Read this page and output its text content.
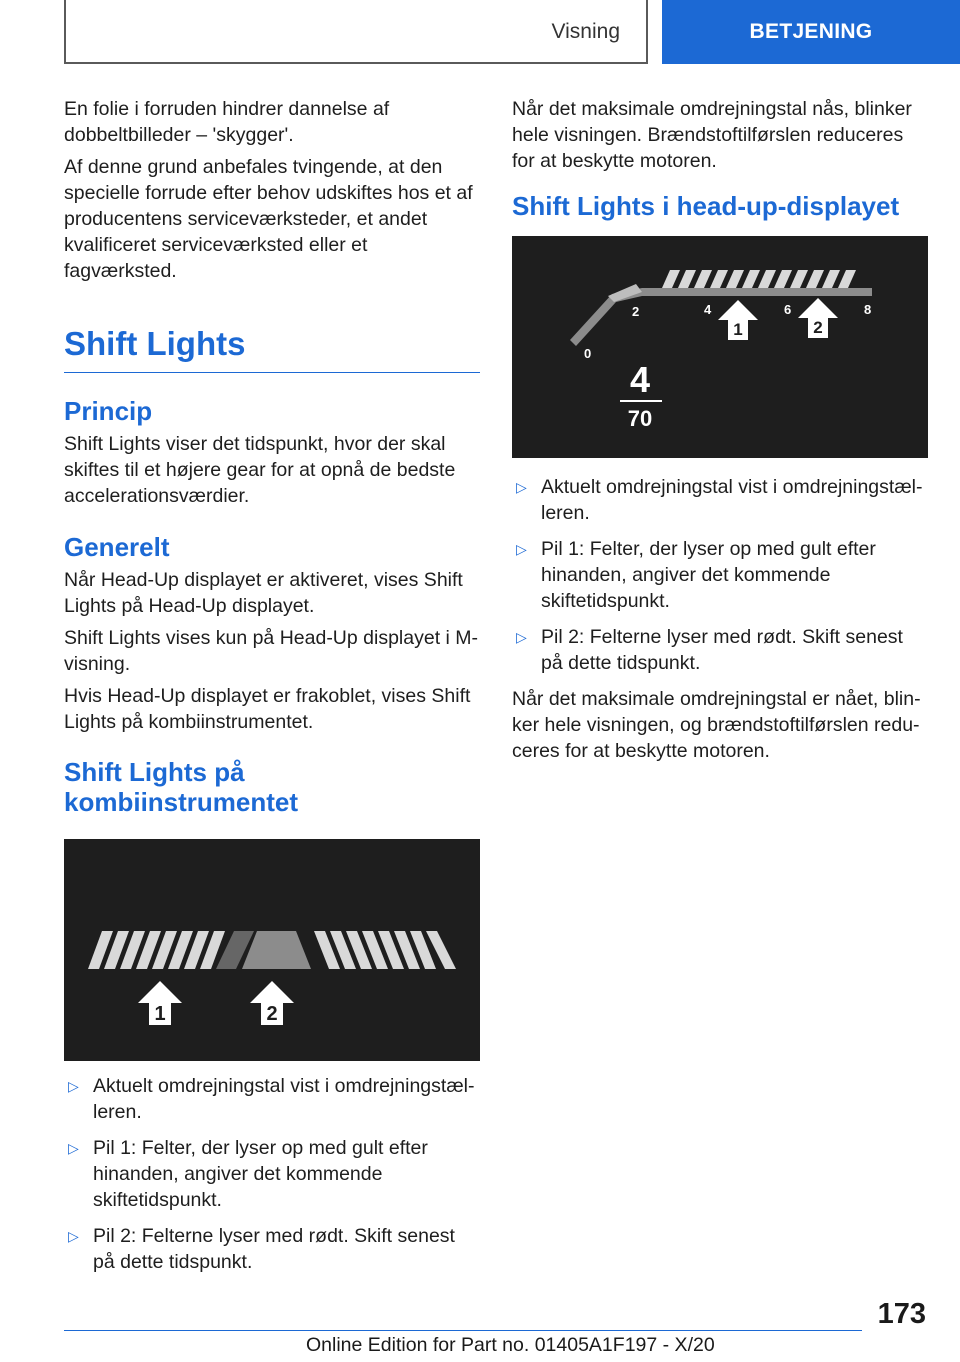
Visning	BETJENING

En folie i forruden hindrer dannelse af dobbeltbilleder – 'skygger'.

Af denne grund anbefales tvingende, at den specielle forrude efter behov udskiftes hos et af producentens serviceværksteder, et andet kvalificeret serviceværksted eller et fagværksted.

Shift Lights
Princip

Shift Lights viser det tidspunkt, hvor der skal skiftes til et højere gear for at opnå de bedste accelerationsværdier.

Generelt

Når Head-Up displayet er aktiveret, vises Shift Lights på Head-Up displayet.

Shift Lights vises kun på Head-Up displayet i M-visning.

Hvis Head-Up displayet er frakoblet, vises Shift Lights på kombiinstrumentet.

Shift Lights på kombiinstrumentet
1	2
▷ Aktuelt omdrejningstal vist i omdrejningstælleren.
▷ Pil 1: Felter, der lyser op med gult efter hinanden, angiver det kommende skiftetidspunkt.
▷ Pil 2: Felterne lyser med rødt. Skift senest på dette tidspunkt.

Når det maksimale omdrejningstal nås, blinker hele visningen. Brændstoftilførslen reduceres for at beskytte motoren.

Shift Lights i head-up-displayet
0
2	4	6	8
1	2
4
70
▷ Aktuelt omdrejningstal vist i omdrejningstælleren.
▷ Pil 1: Felter, der lyser op med gult efter hinanden, angiver det kommende skiftetidspunkt.
▷ Pil 2: Felterne lyser med rødt. Skift senest på dette tidspunkt.

Når det maksimale omdrejningstal er nået, blinker hele visningen, og brændstoftilførslen reduceres for at beskytte motoren.

173
Online Edition for Part no. 01405A1F197 - X/20
